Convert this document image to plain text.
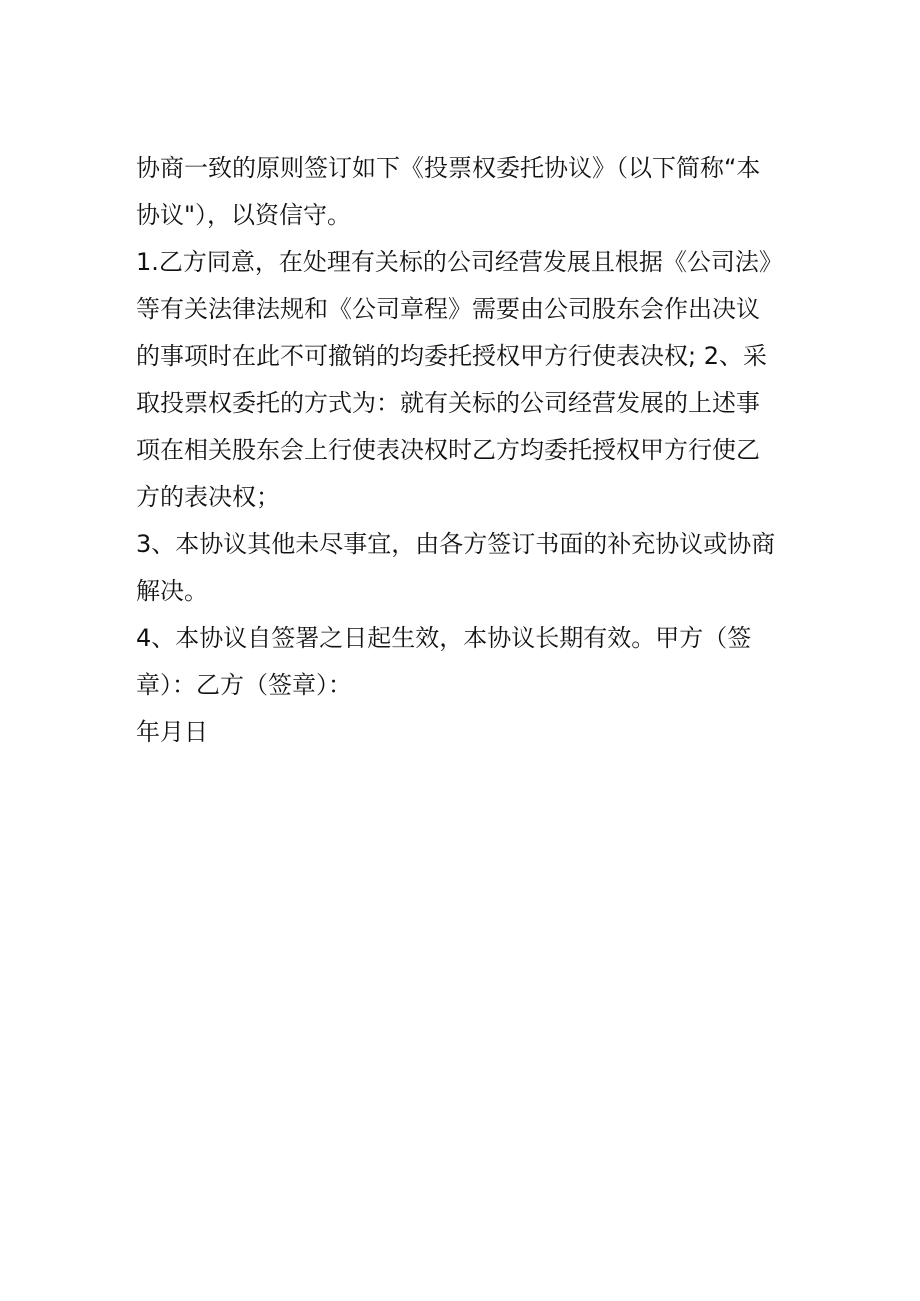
协商一致的原则签订如下《投票权委托协议》（以下简称“本
协议"），以资信守。
1.乙方同意，在处理有关标的公司经营发展且根据《公司法》
等有关法律法规和《公司章程》需要由公司股东会作出决议
的事项时在此不可撤销的均委托授权甲方行使表决权; 2、采
取投票权委托的方式为：就有关标的公司经营发展的上述事
项在相关股东会上行使表决权时乙方均委托授权甲方行使乙
方的表决权；
3、本协议其他未尽事宜，由各方签订书面的补充协议或协商
解决。
4、本协议自签署之日起生效，本协议长期有效。甲方（签
章）：乙方（签章）：
年月日
